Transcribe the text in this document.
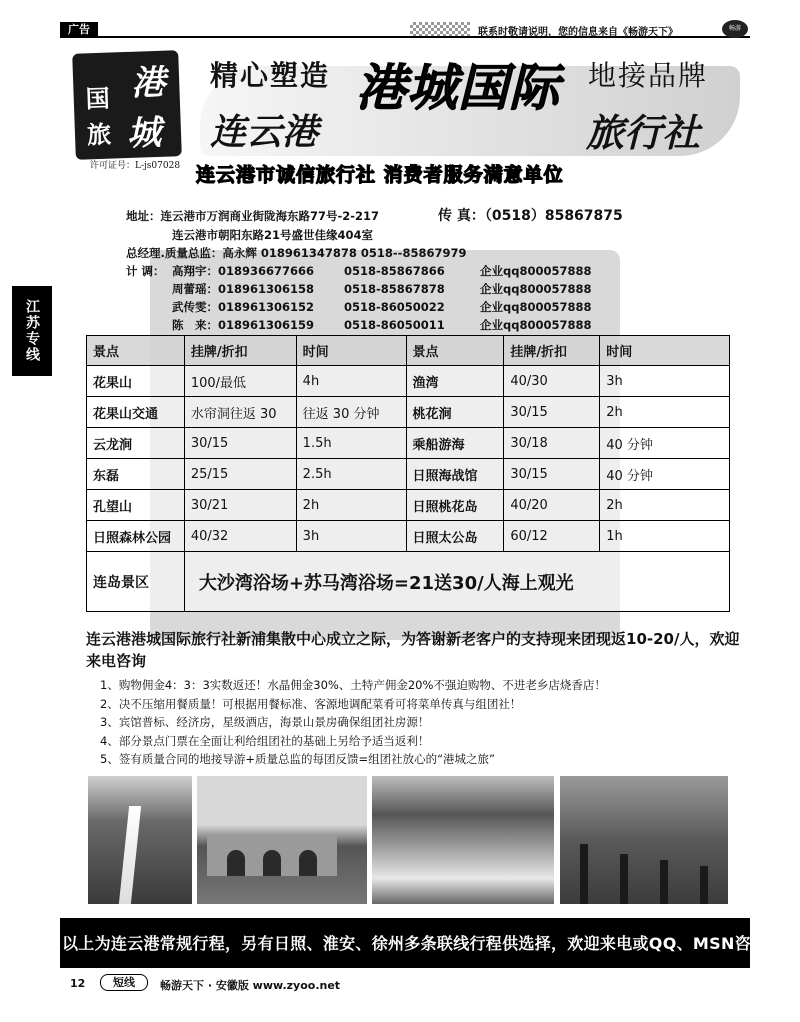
广告	联系时敬请说明，您的信息来自《畅游天下》	畅游
江苏专线
港
国
旅 城
许可证号：L-js07028
精心塑造 港城国际 地接品牌
连云港	旅行社
连云港市诚信旅行社 消费者服务满意单位
地址：连云港市万润商业街陇海东路77号-2-217
连云港市朝阳东路21号盛世佳缘404室
总经理.质量总监：高永辉 018961347878 0518--85867979
计 调： 高翔宇：018936677666	0518-85867866	企业qq800057888
周蕾瑶：018961306158	0518-85867878	企业qq800057888
武传雯：018961306152	0518-86050022	企业qq800057888
陈　来：018961306159	0518-86050011	企业qq800057888
传 真：（0518）85867875
景点	挂牌/折扣	时间	景点	挂牌/折扣	时间
花果山	100/最低	4h	渔湾	40/30	3h
花果山交通	水帘洞往返 30	往返 30 分钟	桃花涧	30/15	2h
云龙涧	30/15	1.5h	乘船游海	30/18	40 分钟
东磊	25/15	2.5h	日照海战馆	30/15	40 分钟
孔望山	30/21	2h	日照桃花岛	40/20	2h
日照森林公园	40/32	3h	日照太公岛	60/12	1h
连岛景区	大沙湾浴场+苏马湾浴场=21送30/人海上观光				
连云港港城国际旅行社新浦集散中心成立之际，为答谢新老客户的支持现来团现返10-20/人，欢迎来电咨询
1、购物佣金4：3：3实数返还！水晶佣金30%、土特产佣金20%不强迫购物、不进老乡店烧香店！
2、决不压缩用餐质量！可根据用餐标准、客源地调配菜肴可将菜单传真与组团社！
3、宾馆普标、经济房，星级酒店，海景山景房确保组团社房源！
4、部分景点门票在全面让利给组团社的基础上另给予适当返利！
5、签有质量合同的地接导游+质量总监的每团反馈=组团社放心的“港城之旅”
以上为连云港常规行程，另有日照、淮安、徐州多条联线行程供选择，欢迎来电或QQ、MSN咨询！
12	短线	畅游天下 · 安徽版 www.zyoo.net
